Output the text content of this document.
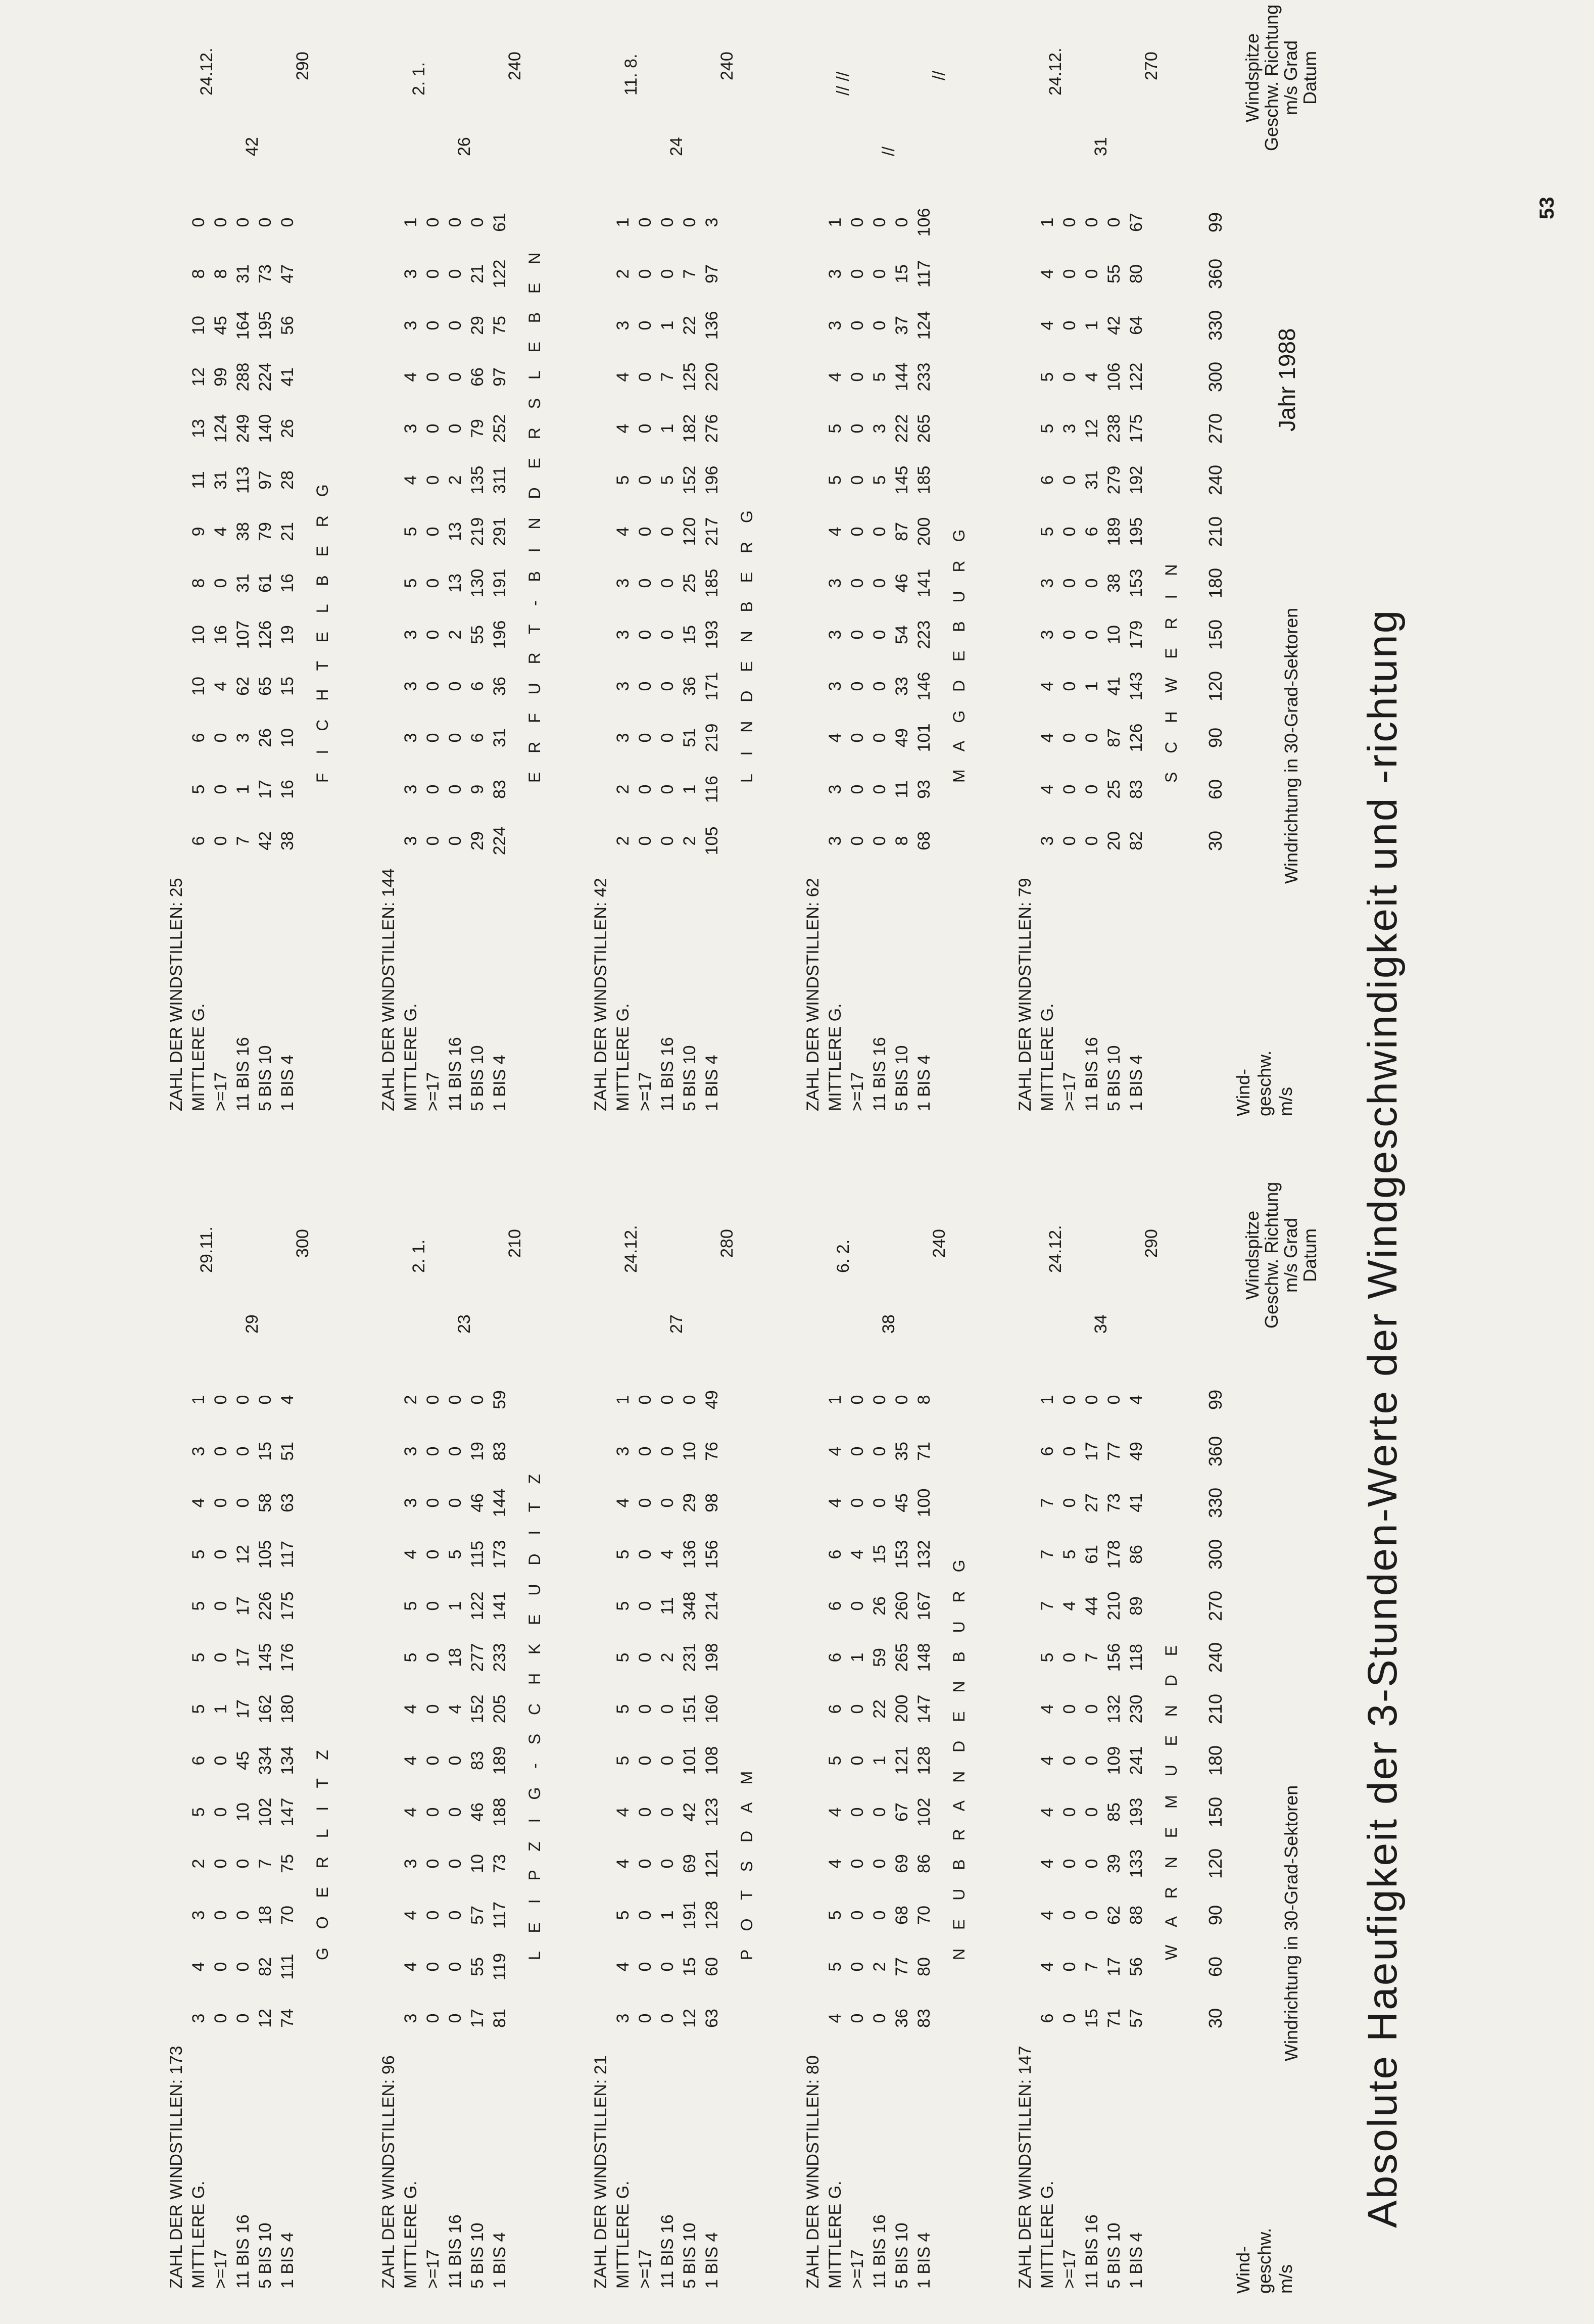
Absolute Haeufigkeit der 3-Stunden-Werte der Windgeschwindigkeit und -richtung
Jahr 1988
53
Wind- geschw. m/s
Windrichtung in 30-Grad-Sektoren
Windspitze
Geschw. Richtung
m/s Grad
Datum
30
60
90
120
150
180
210
240
270
300
330
360
99
W A R N E M U E N D E
1 BIS 4
57
56
88
133
193
241
230
118
89
86
41
49
4
5 BIS 10
71
17
62
39
85
109
132
156
210
178
73
77
0
11 BIS 16
15
7
0
0
0
0
0
7
44
61
27
17
0
>=17
0
0
0
0
0
0
0
0
4
5
0
0
0
MITTLERE G.
6
4
4
4
4
4
4
5
7
7
7
6
1
ZAHL DER WINDSTILLEN: 147
34
290
24.12.
N E U B R A N D E N B U R G
1 BIS 4
83
80
70
86
102
128
147
148
167
132
100
71
8
5 BIS 10
36
77
68
69
67
121
200
265
260
153
45
35
0
11 BIS 16
0
2
0
0
0
1
22
59
26
15
0
0
0
>=17
0
0
0
0
0
0
0
1
0
4
0
0
0
MITTLERE G.
4
5
5
4
4
5
6
6
6
6
4
4
1
ZAHL DER WINDSTILLEN: 80
38
240
6. 2.
P O T S D A M
1 BIS 4
63
60
128
121
123
108
160
198
214
156
98
76
49
5 BIS 10
12
15
191
69
42
101
151
231
348
136
29
10
0
11 BIS 16
0
0
1
0
0
0
0
2
11
4
0
0
0
>=17
0
0
0
0
0
0
0
0
0
0
0
0
0
MITTLERE G.
3
4
5
4
4
5
5
5
5
5
4
3
1
ZAHL DER WINDSTILLEN: 21
27
280
24.12.
L E I P Z I G - S C H K E U D I T Z
1 BIS 4
81
119
117
73
188
189
205
233
141
173
144
83
59
5 BIS 10
17
55
57
10
46
83
152
277
122
115
46
19
0
11 BIS 16
0
0
0
0
0
0
4
18
1
5
0
0
0
>=17
0
0
0
0
0
0
0
0
0
0
0
0
0
MITTLERE G.
3
4
4
3
4
4
4
5
5
4
3
3
2
ZAHL DER WINDSTILLEN: 96
23
210
2. 1.
G O E R L I T Z
1 BIS 4
74
111
70
75
147
134
180
176
175
117
63
51
4
5 BIS 10
12
82
18
7
102
334
162
145
226
105
58
15
0
11 BIS 16
0
0
0
0
10
45
17
17
17
12
0
0
0
>=17
0
0
0
0
0
0
1
0
0
0
0
0
0
MITTLERE G.
3
4
3
2
5
6
5
5
5
5
4
3
1
ZAHL DER WINDSTILLEN: 173
29
300
29.11.
Wind- geschw. m/s
Windrichtung in 30-Grad-Sektoren
Windspitze
Geschw. Richtung
m/s Grad
Datum
30
60
90
120
150
180
210
240
270
300
330
360
99
S C H W E R I N
1 BIS 4
82
83
126
143
179
153
195
192
175
122
64
80
67
5 BIS 10
20
25
87
41
10
38
189
279
238
106
42
55
0
11 BIS 16
0
0
0
1
0
0
6
31
12
4
1
0
0
>=17
0
0
0
0
0
0
0
0
3
0
0
0
0
MITTLERE G.
3
4
4
4
3
3
5
6
5
5
4
4
1
ZAHL DER WINDSTILLEN: 79
31
270
24.12.
M A G D E B U R G
1 BIS 4
68
93
101
146
223
141
200
185
265
233
124
117
106
5 BIS 10
8
11
49
33
54
46
87
145
222
144
37
15
0
11 BIS 16
0
0
0
0
0
0
0
5
3
5
0
0
0
>=17
0
0
0
0
0
0
0
0
0
0
0
0
0
MITTLERE G.
3
3
4
3
3
3
4
5
5
4
3
3
1
ZAHL DER WINDSTILLEN: 62
//
//
// //
L I N D E N B E R G
1 BIS 4
105
116
219
171
193
185
217
196
276
220
136
97
3
5 BIS 10
2
1
51
36
15
25
120
152
182
125
22
7
0
11 BIS 16
0
0
0
0
0
0
0
5
1
7
1
0
0
>=17
0
0
0
0
0
0
0
0
0
0
0
0
0
MITTLERE G.
2
2
3
3
3
3
4
5
4
4
3
2
1
ZAHL DER WINDSTILLEN: 42
24
240
11. 8.
E R F U R T - B I N D E R S L E B E N
1 BIS 4
224
83
31
36
196
191
291
311
252
97
75
122
61
5 BIS 10
29
9
6
6
55
130
219
135
79
66
29
21
0
11 BIS 16
0
0
0
0
2
13
13
2
0
0
0
0
0
>=17
0
0
0
0
0
0
0
0
0
0
0
0
0
MITTLERE G.
3
3
3
3
3
5
5
4
3
4
3
3
1
ZAHL DER WINDSTILLEN: 144
26
240
2. 1.
F I C H T E L B E R G
1 BIS 4
38
16
10
15
19
16
21
28
26
41
56
47
0
5 BIS 10
42
17
26
65
126
61
79
97
140
224
195
73
0
11 BIS 16
7
1
3
62
107
31
38
113
249
288
164
31
0
>=17
0
0
0
4
16
0
4
31
124
99
45
8
0
MITTLERE G.
6
5
6
10
10
8
9
11
13
12
10
8
0
ZAHL DER WINDSTILLEN: 25
42
290
24.12.
